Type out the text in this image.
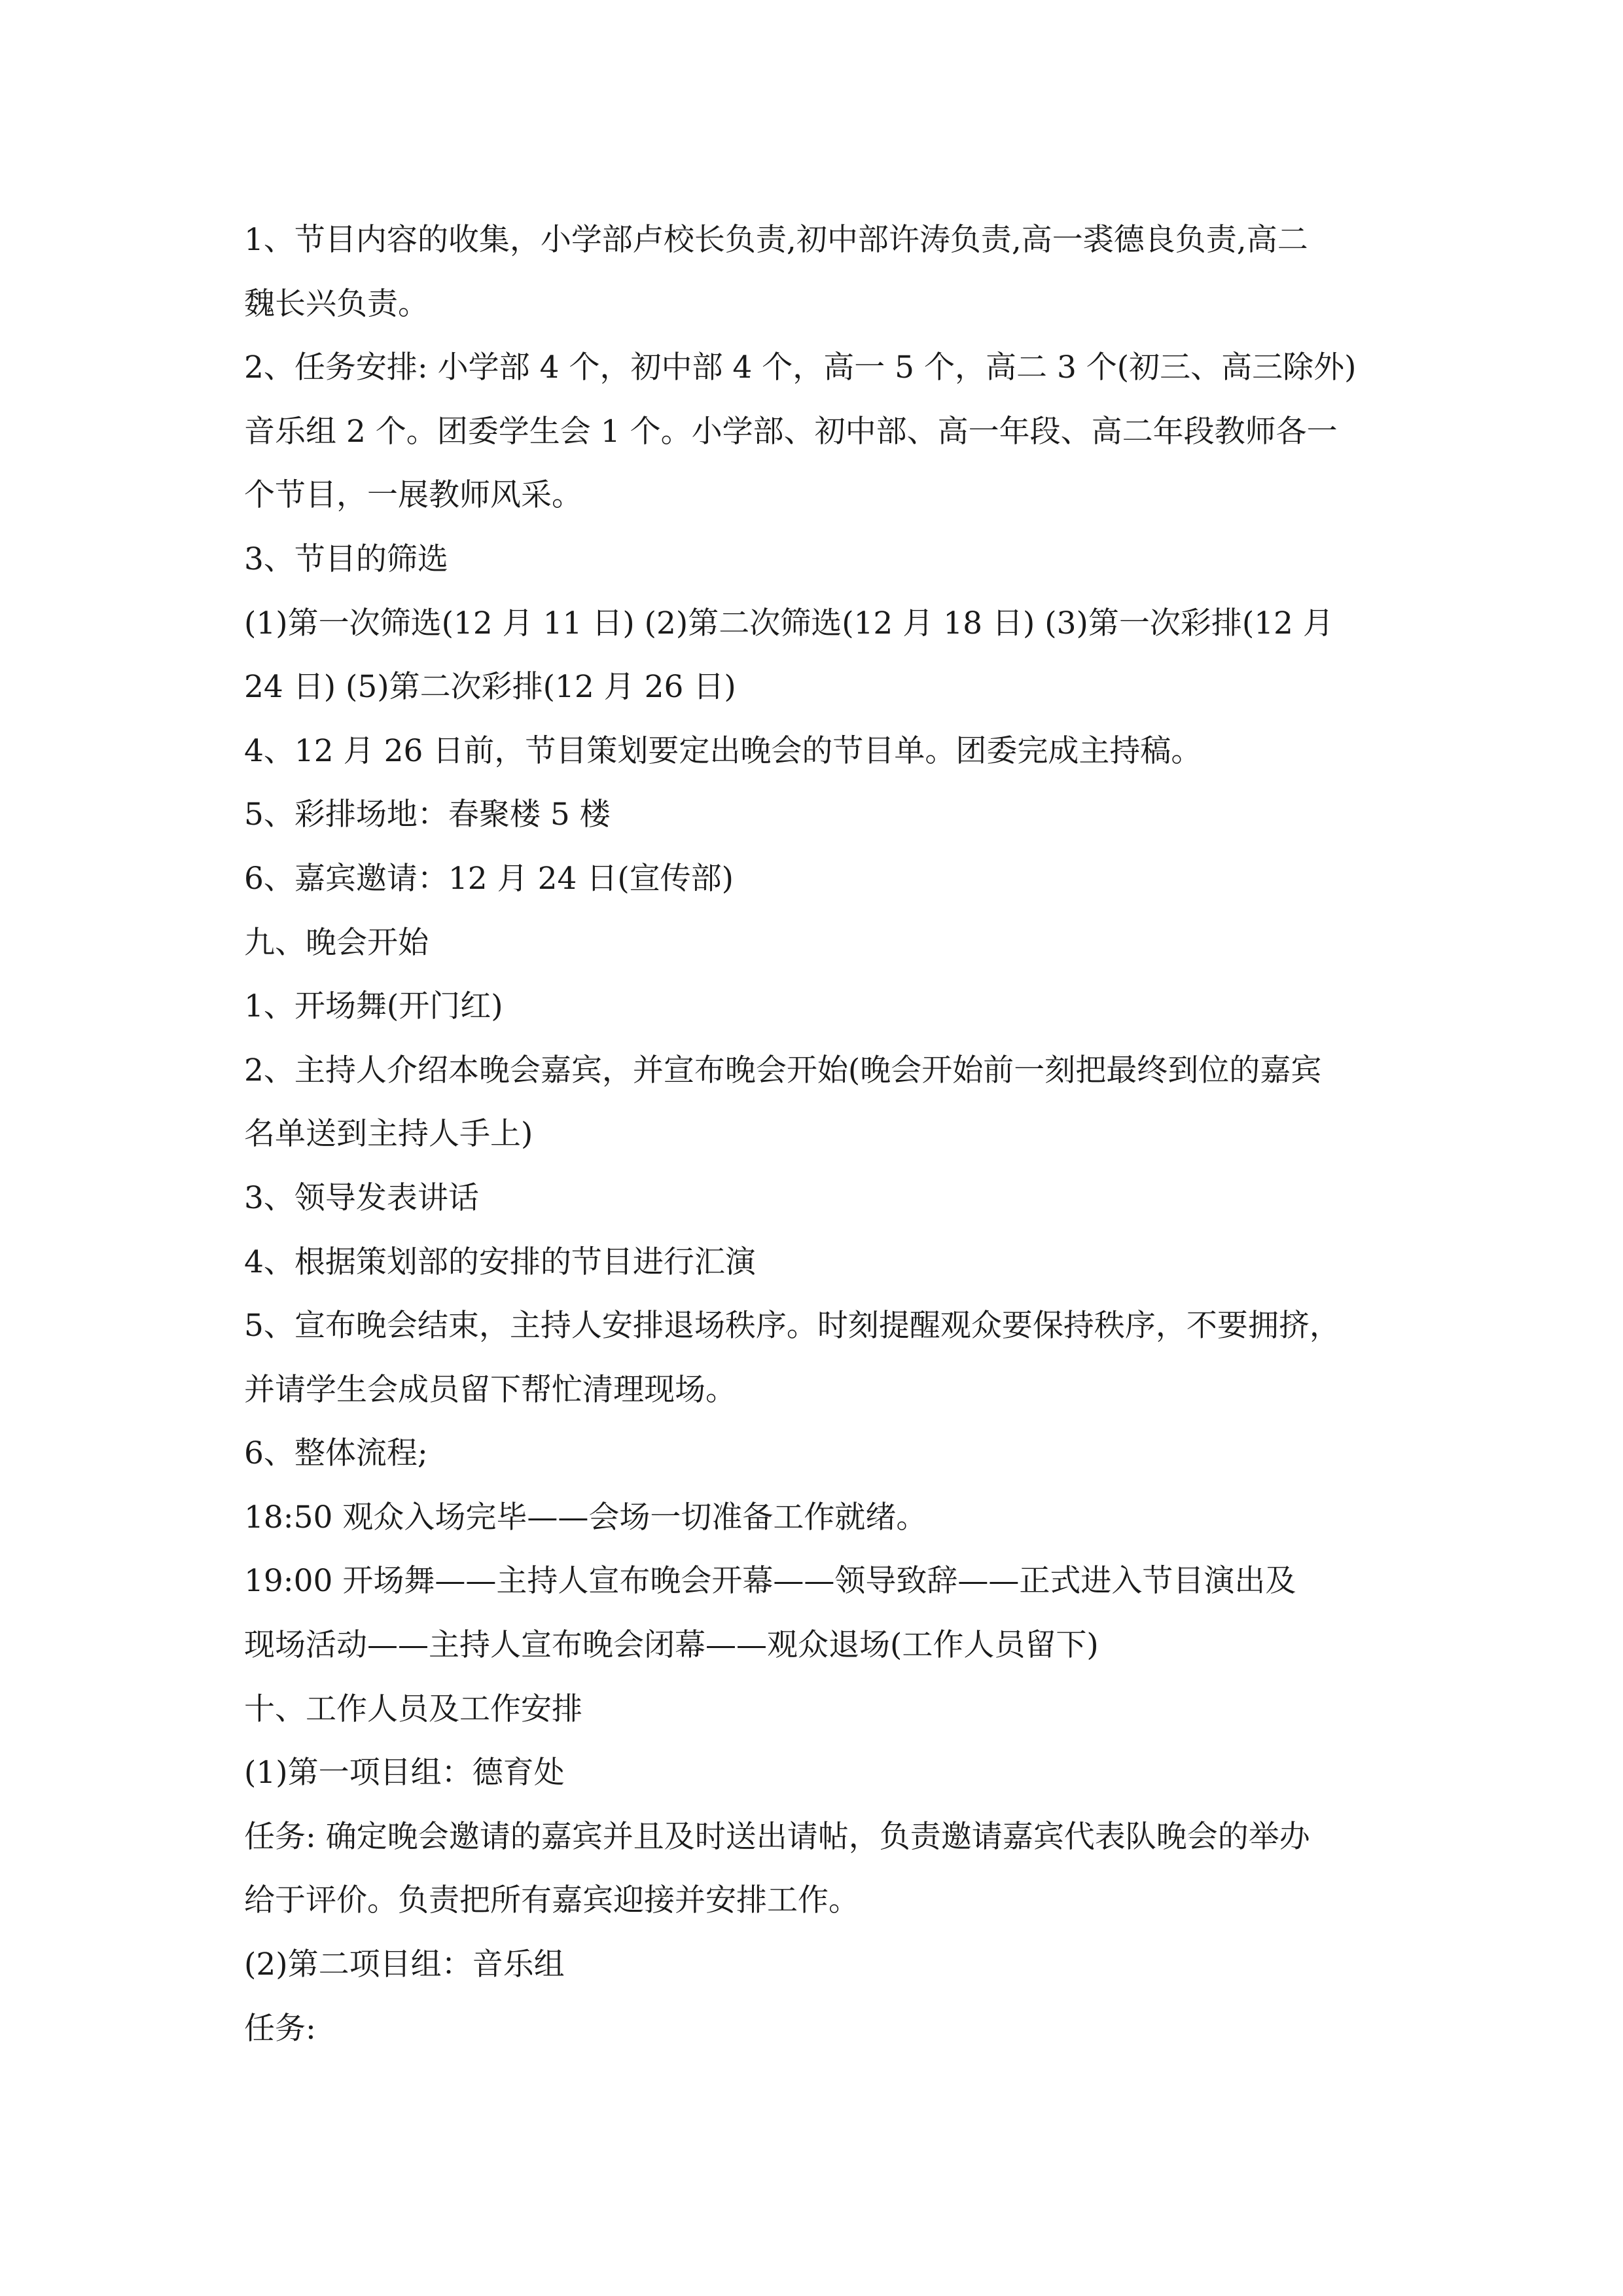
1、节目内容的收集，小学部卢校长负责,初中部许涛负责,高一裘德良负责,高二
魏长兴负责。
2、任务安排: 小学部 4 个，初中部 4 个，高一 5 个，高二 3 个(初三、高三除外)
音乐组 2 个。团委学生会 1 个。小学部、初中部、高一年段、高二年段教师各一
个节目，一展教师风采。
3、节目的筛选
(1)第一次筛选(12 月 11 日) (2)第二次筛选(12 月 18 日) (3)第一次彩排(12 月
24 日) (5)第二次彩排(12 月 26 日)
4、12 月 26 日前，节目策划要定出晚会的节目单。团委完成主持稿。
5、彩排场地：春聚楼 5 楼
6、嘉宾邀请：12 月 24 日(宣传部)
九、晚会开始
1、开场舞(开门红)
2、主持人介绍本晚会嘉宾，并宣布晚会开始(晚会开始前一刻把最终到位的嘉宾
名单送到主持人手上)
3、领导发表讲话
4、根据策划部的安排的节目进行汇演
5、宣布晚会结束，主持人安排退场秩序。时刻提醒观众要保持秩序，不要拥挤，
并请学生会成员留下帮忙清理现场。
6、整体流程;
18:50 观众入场完毕——会场一切准备工作就绪。
19:00 开场舞——主持人宣布晚会开幕——领导致辞——正式进入节目演出及
现场活动——主持人宣布晚会闭幕——观众退场(工作人员留下)
十、工作人员及工作安排
(1)第一项目组：德育处
任务: 确定晚会邀请的嘉宾并且及时送出请帖，负责邀请嘉宾代表队晚会的举办
给于评价。负责把所有嘉宾迎接并安排工作。
(2)第二项目组：音乐组
任务:
